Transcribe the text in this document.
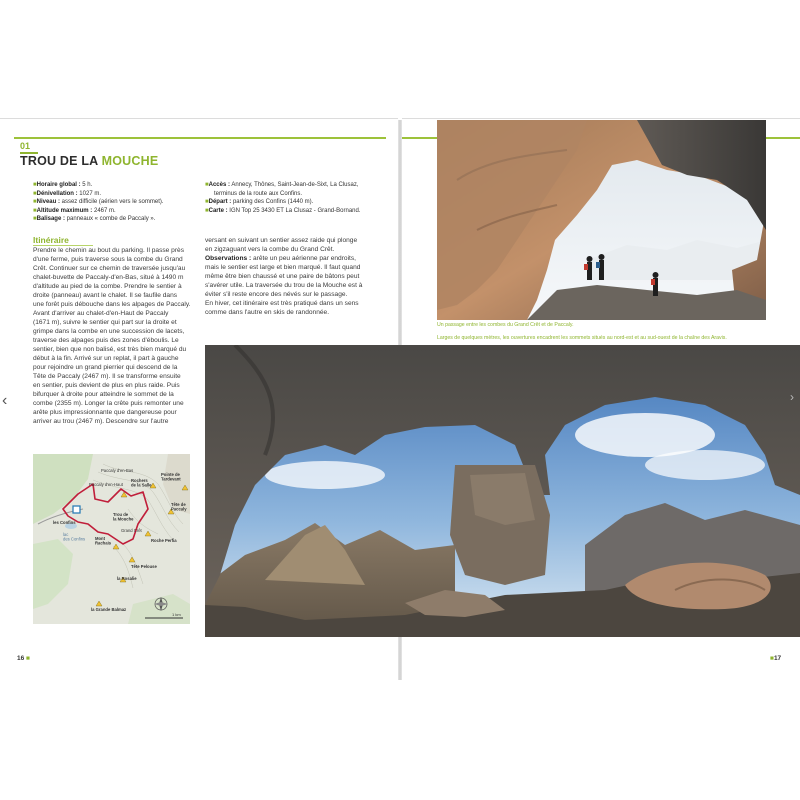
01
TROU DE LA MOUCHE
■Horaire global : 5 h.
■Dénivellation : 1027 m.
■Niveau : assez difficile (aérien vers le sommet).
■Altitude maximum : 2467 m.
■Balisage : panneaux « combe de Paccaly ».
■Accès : Annecy, Thônes, Saint-Jean-de-Sixt, La Clusaz,
terminus de la route aux Confins.
■Départ : parking des Confins (1440 m).
■Carte : IGN Top 25 3430 ET La Clusaz - Grand-Bornand.
Itinéraire
Prendre le chemin au bout du parking. Il passe près
d'une ferme, puis traverse sous la combe du Grand
Crêt. Continuer sur ce chemin de traversée jusqu'au
chalet-buvette de Paccaly-d'en-Bas, situé à 1490 m
d'altitude au pied de la combe. Prendre le sentier à
droite (panneau) avant le chalet. Il se faufile dans
une forêt puis débouche dans les alpages de Paccaly.
Avant d'arriver au chalet-d'en-Haut de Paccaly
(1671 m), suivre le sentier qui part sur la droite et
grimpe dans la combe en une succession de lacets,
traverse des alpages puis des zones d'éboulis. Le
sentier, bien que non balisé, est très bien marqué du
début à la fin. Arrivé sur un replat, il part à gauche
pour rejoindre un grand pierrier qui descend de la
Tête de Paccaly (2467 m). Il se transforme ensuite
en sentier, puis devient de plus en plus raide. Puis
bifurquer à droite pour atteindre le sommet de la
combe (2355 m). Longer la crête puis remonter une
arête plus impressionnante que dangereuse pour
arriver au trou (2467 m). Descendre sur l'autre
versant en suivant un sentier assez raide qui plonge
en zigzaguant vers la combe du Grand Crêt.
Observations : arête un peu aérienne par endroits,
mais le sentier est large et bien marqué. Il faut quand
même être bien chaussé et une paire de bâtons peut
s'avérer utile. La traversée du trou de la Mouche est à
éviter s'il reste encore des névés sur le passage.
En hiver, cet itinéraire est très pratiqué dans un sens
comme dans l'autre en skis de randonnée.
Paccaly d'en-Bas
Paccaly d'en-Haut
Rochers de la Salle
Pointe de Tardevant
Tête de Paccaly
Trou de la Mouche
les Confins
lac des Confins
Grand Crêt
Mont Rachais
Roche Perfia
Tête Pelouse
la Rosalie
la Grande Balmaz
1 km
Un passage entre les combes du Grand Crêt et de Paccaly.
Larges de quelques mètres, les ouvertures encadrent les sommets situés au nord-est et au sud-ouest de la chaîne des Aravis.
16 ■	■17
‹	›
